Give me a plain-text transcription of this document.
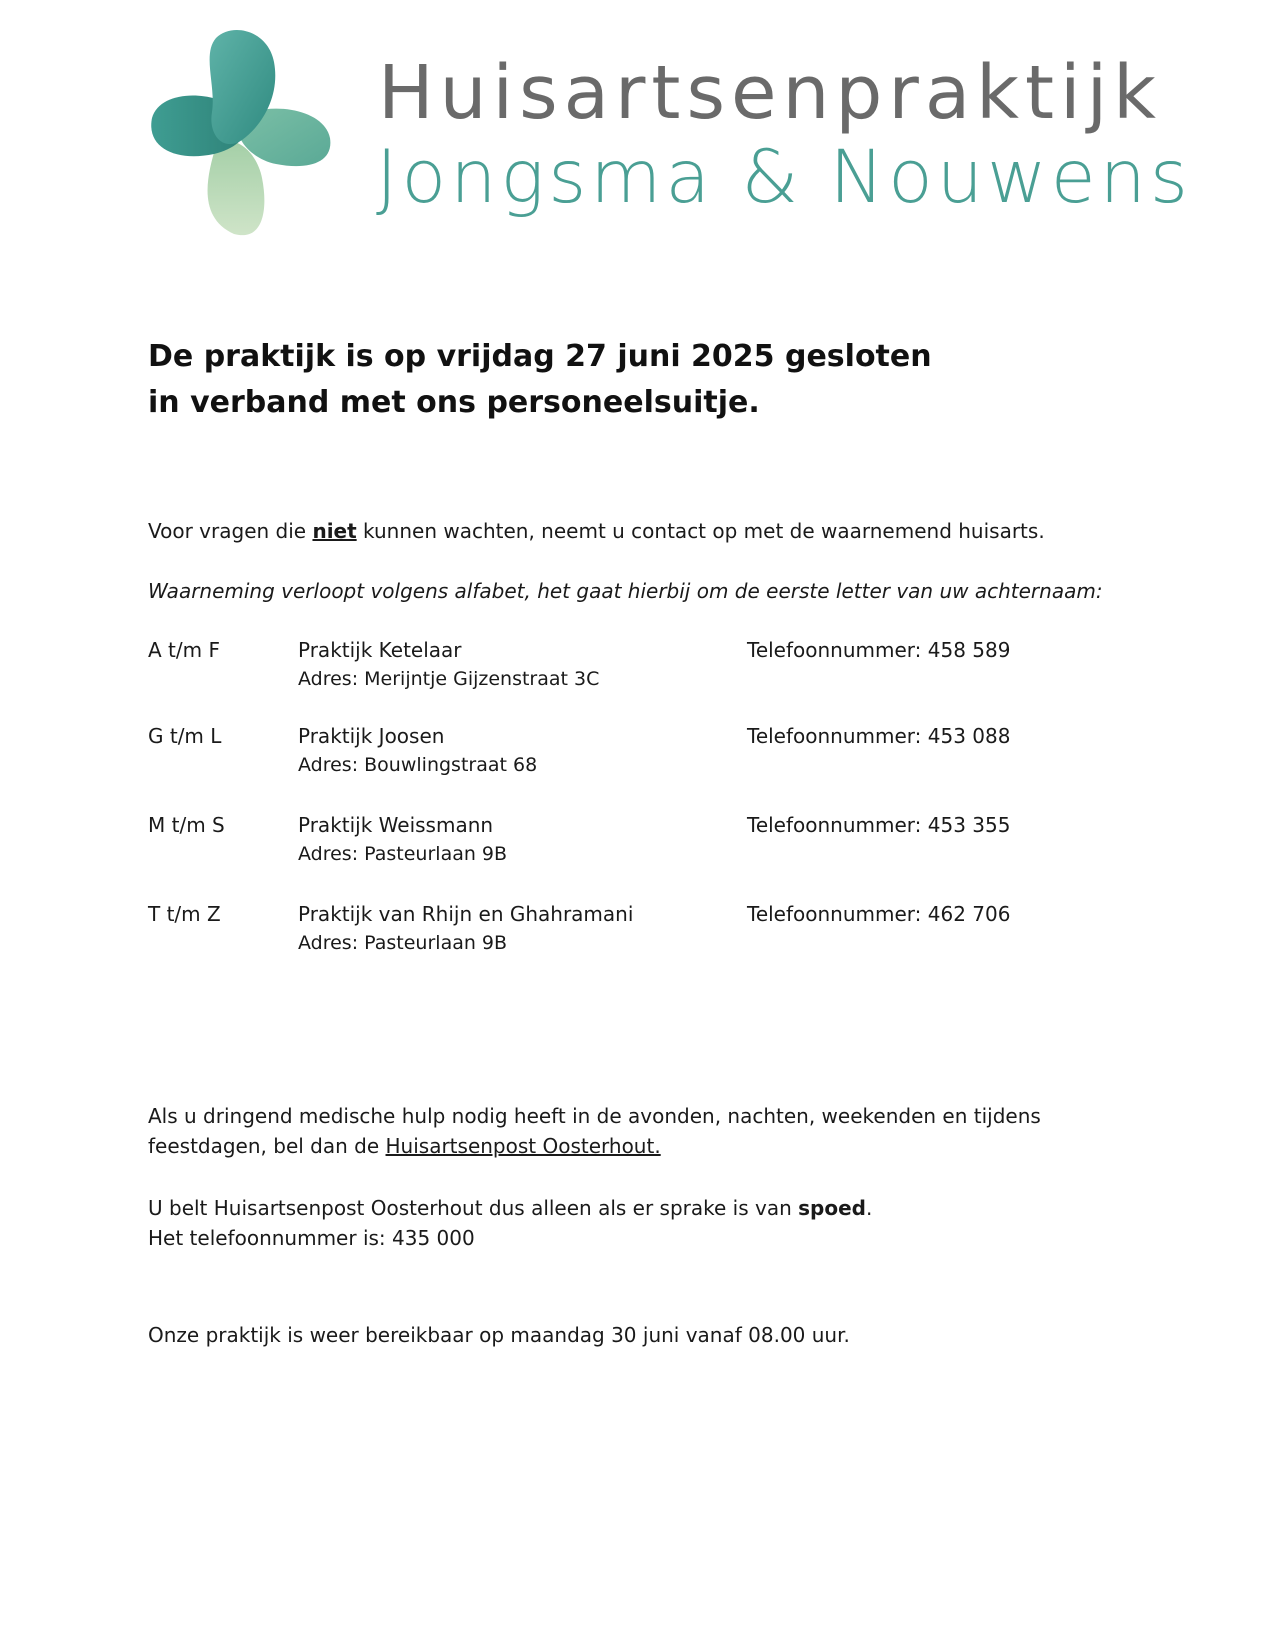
Huisartsenpraktijk
Jongsma & Nouwens
De praktijk is op vrijdag 27 juni 2025 gesloten
in verband met ons personeelsuitje.
Voor vragen die niet kunnen wachten, neemt u contact op met de waarnemend huisarts.
Waarneming verloopt volgens alfabet, het gaat hierbij om de eerste letter van uw achternaam:
A t/m F	Praktijk Ketelaar
Adres: Merijntje Gijzenstraat 3C
Telefoonnummer: 458 589
G t/m L	Praktijk Joosen
Adres: Bouwlingstraat 68
Telefoonnummer: 453 088
M t/m S	Praktijk Weissmann
Adres: Pasteurlaan 9B
Telefoonnummer: 453 355
T t/m Z	Praktijk van Rhijn en Ghahramani
Adres: Pasteurlaan 9B
Telefoonnummer: 462 706
Als u dringend medische hulp nodig heeft in de avonden, nachten, weekenden en tijdens
feestdagen, bel dan de Huisartsenpost Oosterhout.
U belt Huisartsenpost Oosterhout dus alleen als er sprake is van spoed.
Het telefoonnummer is: 435 000
Onze praktijk is weer bereikbaar op maandag 30 juni vanaf 08.00 uur.
